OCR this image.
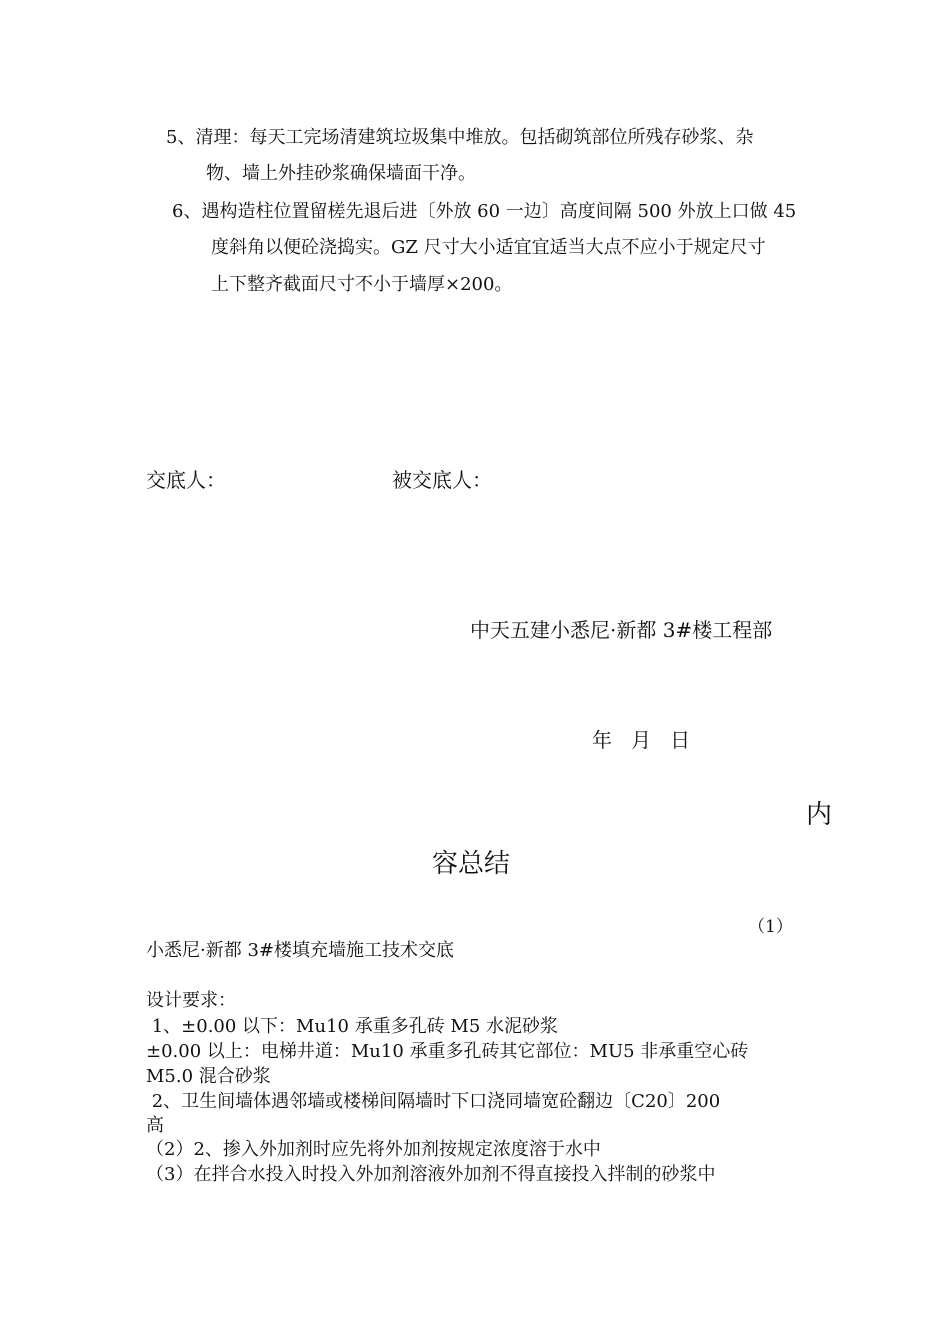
5、清理：每天工完场清建筑垃圾集中堆放。包括砌筑部位所残存砂浆、杂
物、墙上外挂砂浆确保墙面干净。
6、遇构造柱位置留槎先退后进〔外放 60 一边〕高度间隔 500 外放上口做 45
度斜角以便砼浇捣实。GZ 尺寸大小适宜宜适当大点不应小于规定尺寸
上下整齐截面尺寸不小于墙厚×200。
交底人：	被交底人：
中天五建小悉尼·新都 3#楼工程部
年   月   日
内
容总结
（1）
小悉尼·新都 3#楼填充墙施工技术交底
设计要求：
1、±0.00 以下：Mu10 承重多孔砖 M5 水泥砂浆
±0.00 以上：电梯井道：Mu10 承重多孔砖其它部位：MU5 非承重空心砖
M5.0 混合砂浆
2、卫生间墙体遇邻墙或楼梯间隔墙时下口浇同墙宽砼翻边〔C20〕200
高
（2）2、掺入外加剂时应先将外加剂按规定浓度溶于水中
（3）在拌合水投入时投入外加剂溶液外加剂不得直接投入拌制的砂浆中
